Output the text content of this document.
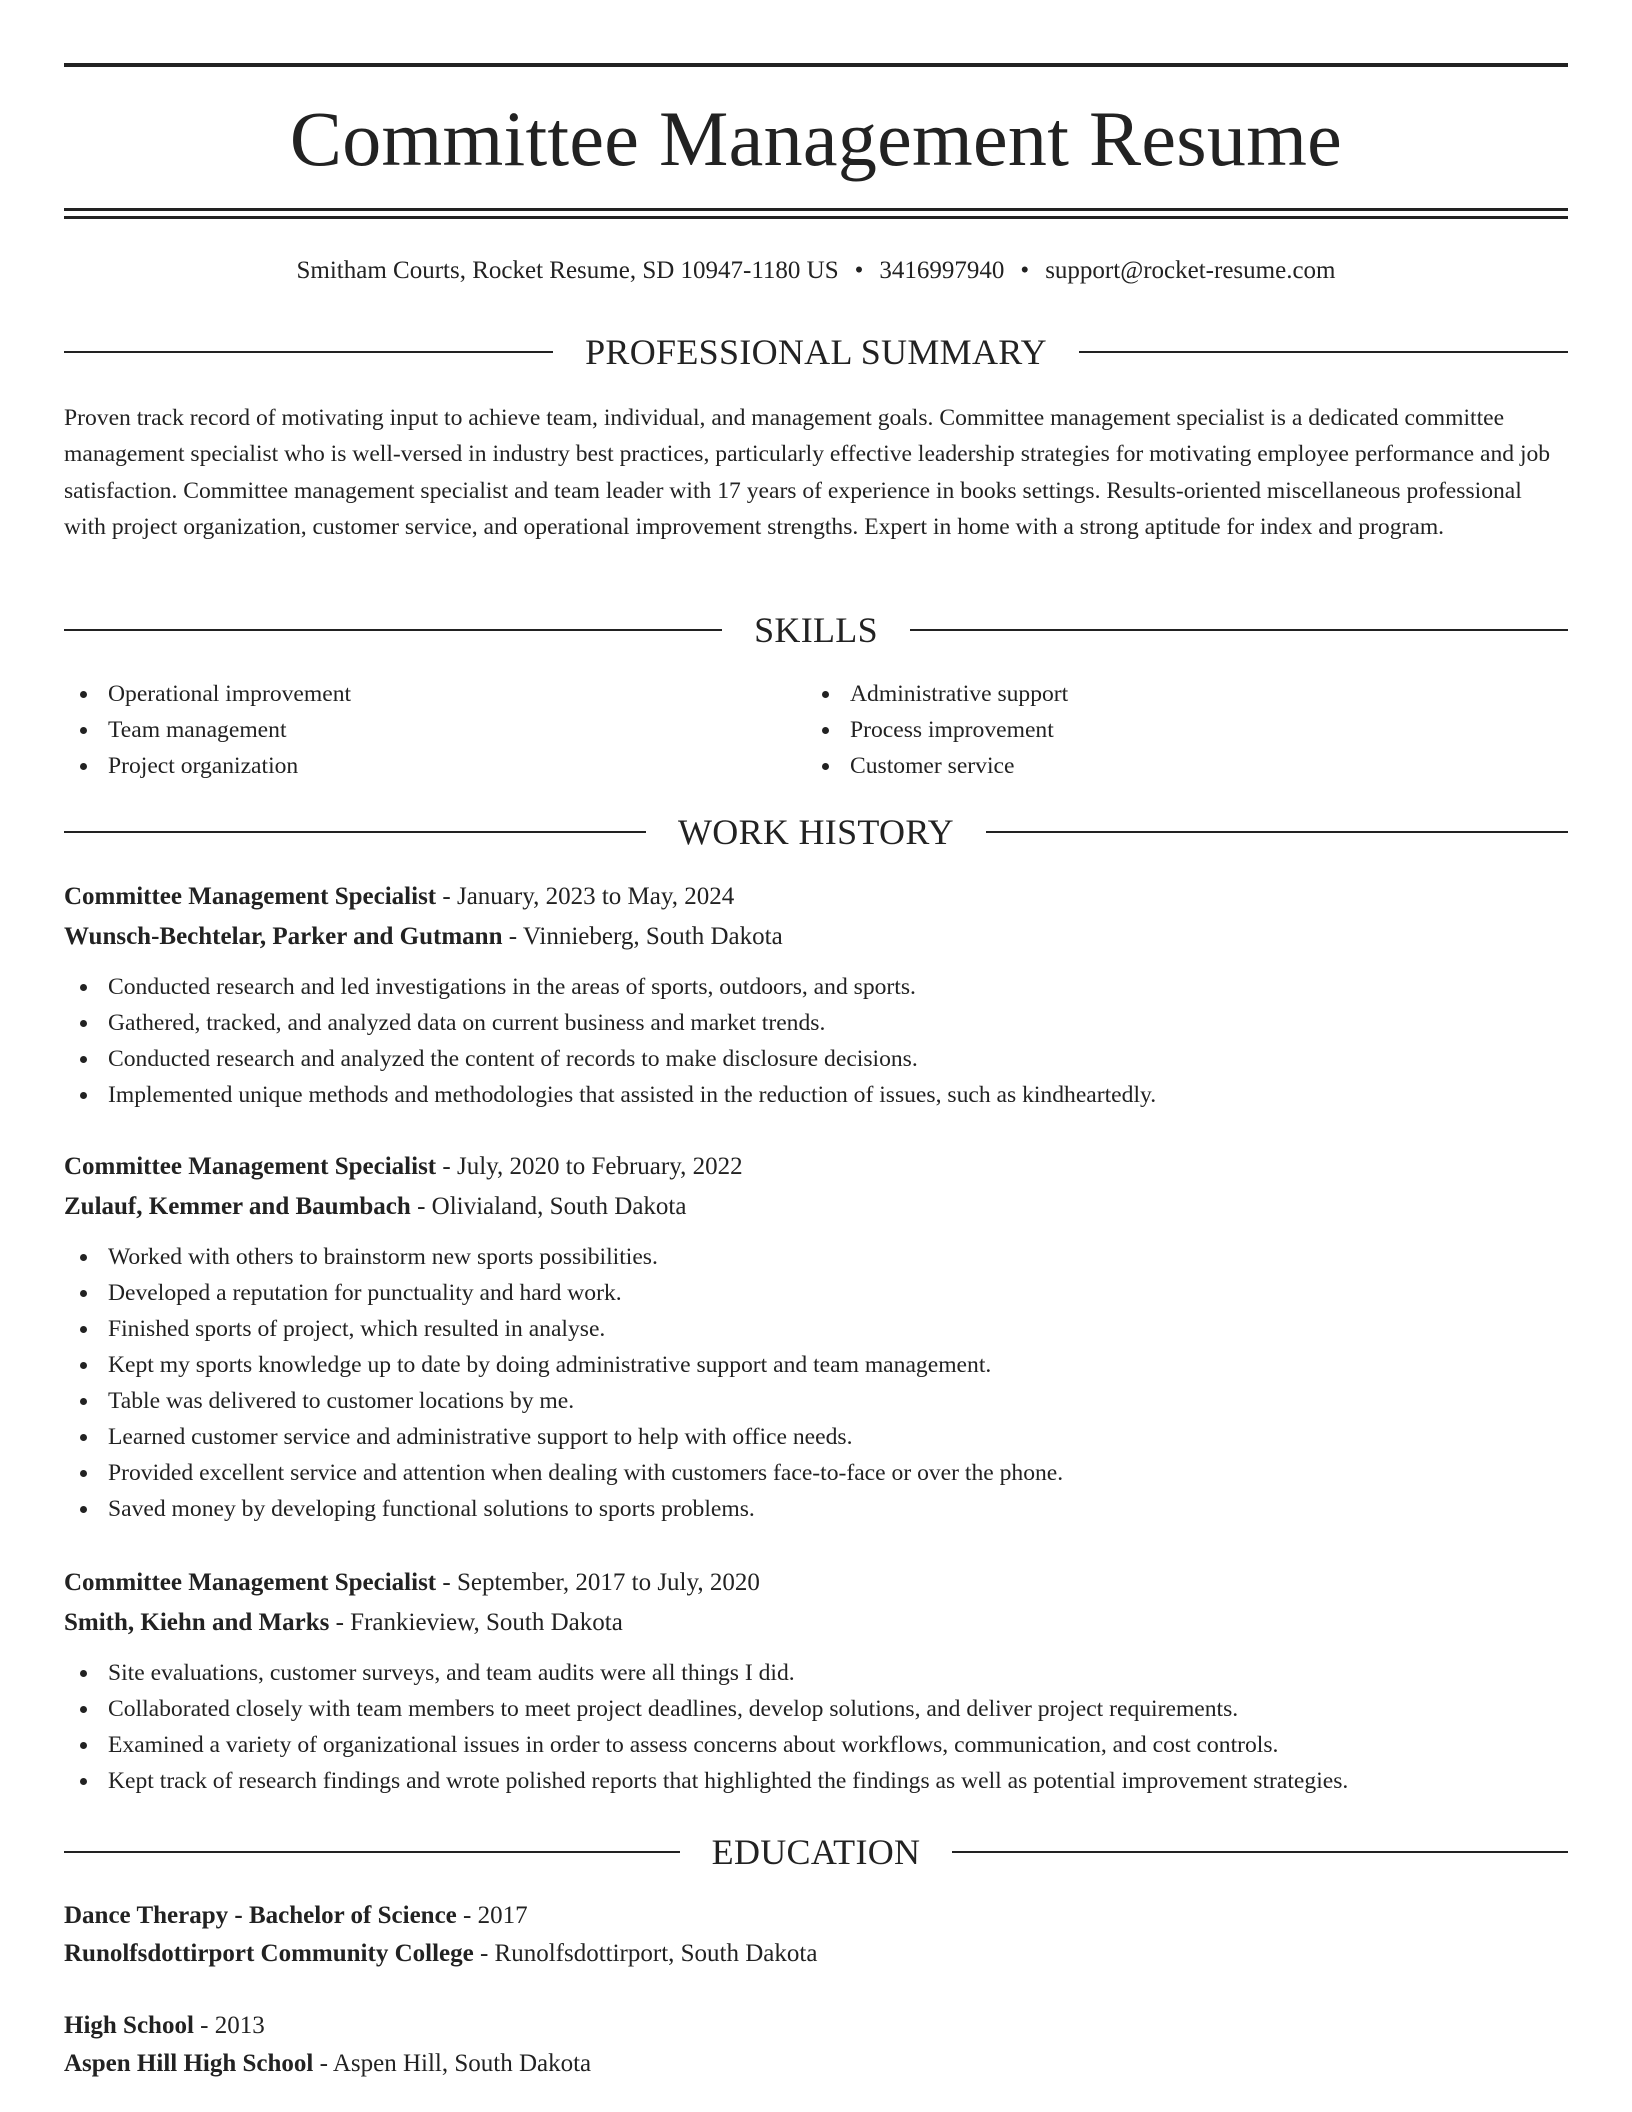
Committee Management Resume
Smitham Courts, Rocket Resume, SD 10947-1180 US • 3416997940 • support@rocket-resume.com
PROFESSIONAL SUMMARY

Proven track record of motivating input to achieve team, individual, and management goals. Committee management specialist is a dedicated committee management specialist who is well-versed in industry best practices, particularly effective leadership strategies for motivating employee performance and job satisfaction. Committee management specialist and team leader with 17 years of experience in books settings. Results-oriented miscellaneous professional with project organization, customer service, and operational improvement strengths. Expert in home with a strong aptitude for index and program.

SKILLS
Operational improvement
Team management
Project organization
Administrative support
Process improvement
Customer service
WORK HISTORY
Committee Management Specialist - January, 2023 to May, 2024
Wunsch-Bechtelar, Parker and Gutmann - Vinnieberg, South Dakota
Conducted research and led investigations in the areas of sports, outdoors, and sports.
Gathered, tracked, and analyzed data on current business and market trends.
Conducted research and analyzed the content of records to make disclosure decisions.
Implemented unique methods and methodologies that assisted in the reduction of issues, such as kindheartedly.
Committee Management Specialist - July, 2020 to February, 2022
Zulauf, Kemmer and Baumbach - Olivialand, South Dakota
Worked with others to brainstorm new sports possibilities.
Developed a reputation for punctuality and hard work.
Finished sports of project, which resulted in analyse.
Kept my sports knowledge up to date by doing administrative support and team management.
Table was delivered to customer locations by me.
Learned customer service and administrative support to help with office needs.
Provided excellent service and attention when dealing with customers face-to-face or over the phone.
Saved money by developing functional solutions to sports problems.
Committee Management Specialist - September, 2017 to July, 2020
Smith, Kiehn and Marks - Frankieview, South Dakota
Site evaluations, customer surveys, and team audits were all things I did.
Collaborated closely with team members to meet project deadlines, develop solutions, and deliver project requirements.
Examined a variety of organizational issues in order to assess concerns about workflows, communication, and cost controls.
Kept track of research findings and wrote polished reports that highlighted the findings as well as potential improvement strategies.
EDUCATION
Dance Therapy - Bachelor of Science - 2017
Runolfsdottirport Community College - Runolfsdottirport, South Dakota
High School - 2013
Aspen Hill High School - Aspen Hill, South Dakota
